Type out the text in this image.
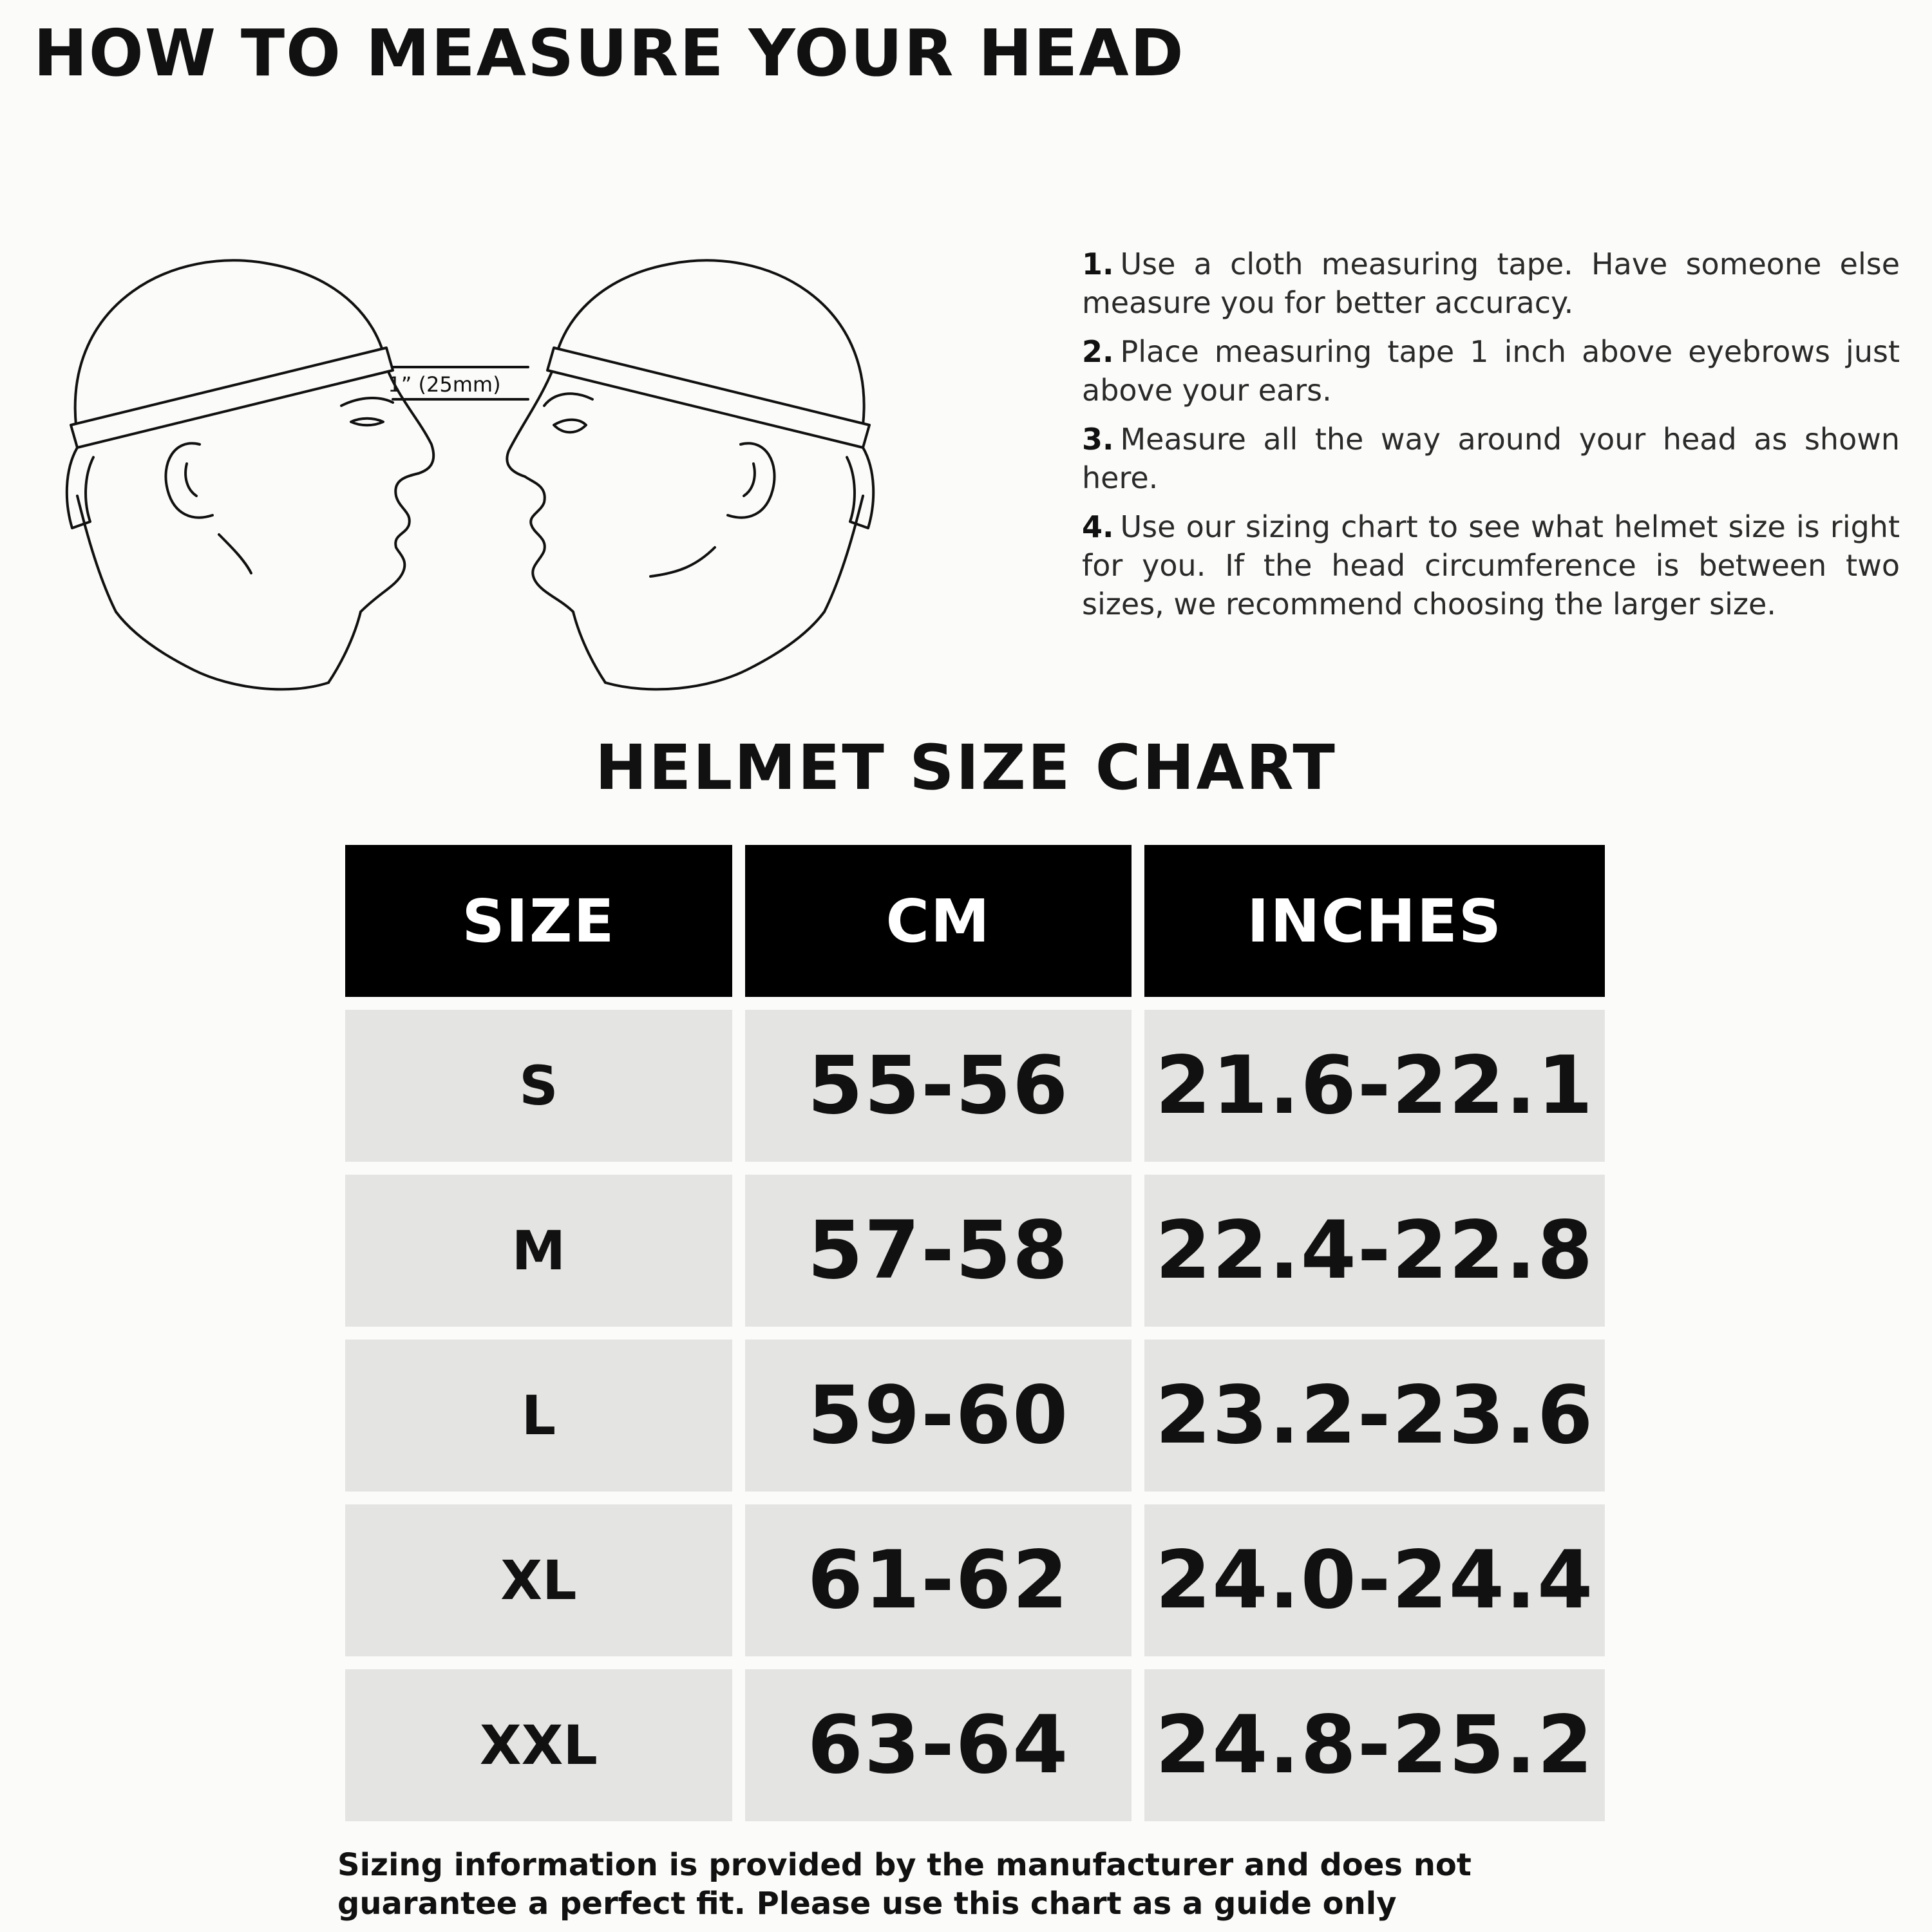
HOW TO MEASURE YOUR HEAD
1” (25mm)
1. Use a cloth measuring tape. Have someone else measure you for better accuracy.
2. Place measuring tape 1 inch above eyebrows just above your ears.
3. Measure all the way around your head as shown here.
4. Use our sizing chart to see what helmet size is right for you. If the head circumference is between two sizes, we recommend choosing the larger size.
HELMET SIZE CHART
SIZE	CM	INCHES
S	55-56	21.6-22.1
M	57-58	22.4-22.8
L	59-60	23.2-23.6
XL	61-62	24.0-24.4
XXL	63-64	24.8-25.2
Sizing information is provided by the manufacturer and does not guarantee a perfect fit. Please use this chart as a guide only
